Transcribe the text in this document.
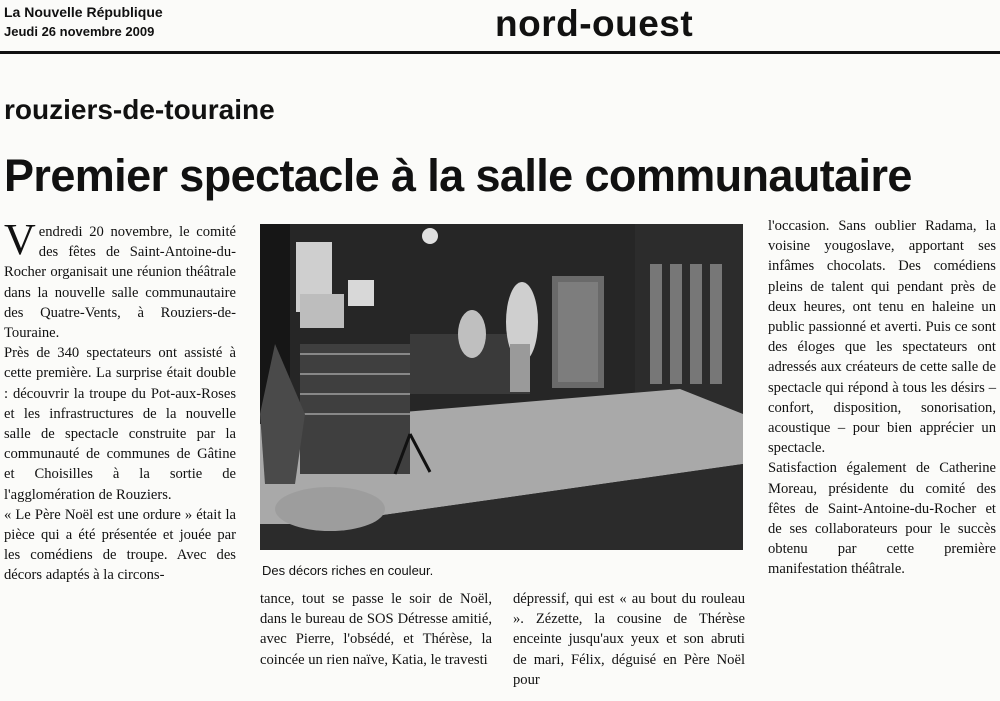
La Nouvelle République
Jeudi 26 novembre 2009	nord-ouest
rouziers-de-touraine
Premier spectacle à la salle communautaire

Vendredi 20 novembre, le comité des fêtes de Saint-Antoine-du-Rocher organisait une réunion théâtrale dans la nouvelle salle communautaire des Quatre-Vents, à Rouziers-de-Touraine.

Près de 340 spectateurs ont assisté à cette première. La surprise était double : découvrir la troupe du Pot-aux-Roses et les infrastructures de la nouvelle salle de spectacle construite par la communauté de communes de Gâtine et Choisilles à la sortie de l'agglomération de Rouziers.

« Le Père Noël est une ordure » était la pièce qui a été présentée et jouée par les comédiens de troupe. Avec des décors adaptés à la circons-	Des décors riches en couleur.

tance, tout se passe le soir de Noël, dans le bureau de SOS Détresse amitié, avec Pierre, l'obsédé, et Thérèse, la coincée un rien naïve, Katia, le travesti

dépressif, qui est « au bout du rouleau ». Zézette, la cousine de Thérèse enceinte jusqu'aux yeux et son abruti de mari, Félix, déguisé en Père Noël pour

l'occasion. Sans oublier Radama, la voisine yougoslave, apportant ses infâmes chocolats. Des comédiens pleins de talent qui pendant près de deux heures, ont tenu en haleine un public passionné et averti. Puis ce sont des éloges que les spectateurs ont adressés aux créateurs de cette salle de spectacle qui répond à tous les désirs – confort, disposition, sonorisation, acoustique – pour bien apprécier un spectacle.

Satisfaction également de Catherine Moreau, présidente du comité des fêtes de Saint-Antoine-du-Rocher et de ses collaborateurs pour le succès obtenu par cette première manifestation théâtrale.
